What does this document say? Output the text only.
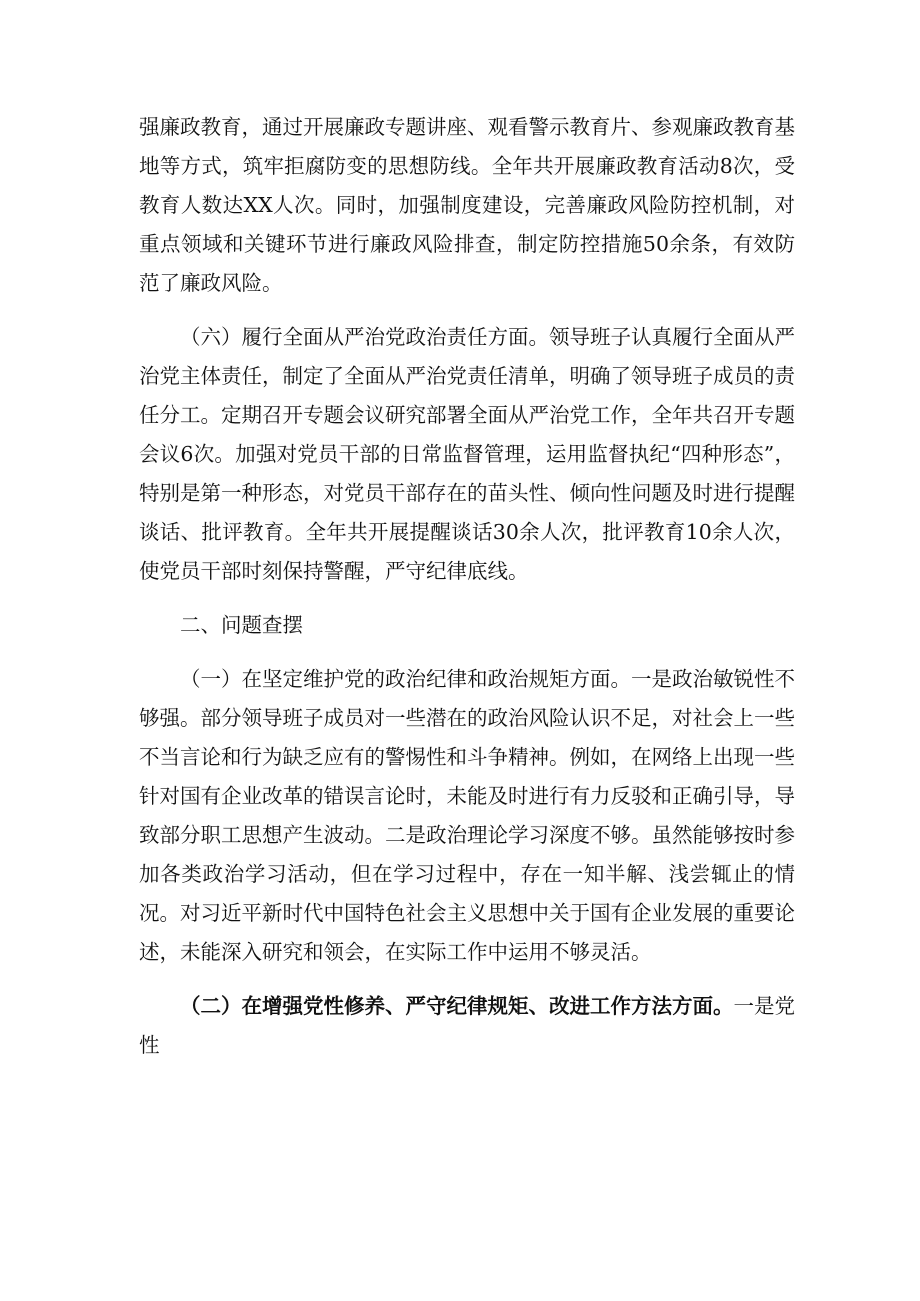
强廉政教育，通过开展廉政专题讲座、观看警示教育片、参观廉政教育基地等方式，筑牢拒腐防变的思想防线。全年共开展廉政教育活动8次，受教育人数达XX人次。同时，加强制度建设，完善廉政风险防控机制，对重点领域和关键环节进行廉政风险排查，制定防控措施50余条，有效防范了廉政风险。

（六）履行全面从严治党政治责任方面。领导班子认真履行全面从严治党主体责任，制定了全面从严治党责任清单，明确了领导班子成员的责任分工。定期召开专题会议研究部署全面从严治党工作，全年共召开专题会议6次。加强对党员干部的日常监督管理，运用监督执纪“四种形态”，特别是第一种形态，对党员干部存在的苗头性、倾向性问题及时进行提醒谈话、批评教育。全年共开展提醒谈话30余人次，批评教育10余人次，使党员干部时刻保持警醒，严守纪律底线。

二、问题查摆

（一）在坚定维护党的政治纪律和政治规矩方面。一是政治敏锐性不够强。部分领导班子成员对一些潜在的政治风险认识不足，对社会上一些不当言论和行为缺乏应有的警惕性和斗争精神。例如，在网络上出现一些针对国有企业改革的错误言论时，未能及时进行有力反驳和正确引导，导致部分职工思想产生波动。二是政治理论学习深度不够。虽然能够按时参加各类政治学习活动，但在学习过程中，存在一知半解、浅尝辄止的情况。对习近平新时代中国特色社会主义思想中关于国有企业发展的重要论述，未能深入研究和领会，在实际工作中运用不够灵活。

（二）在增强党性修养、严守纪律规矩、改进工作方法方面。一是党性
